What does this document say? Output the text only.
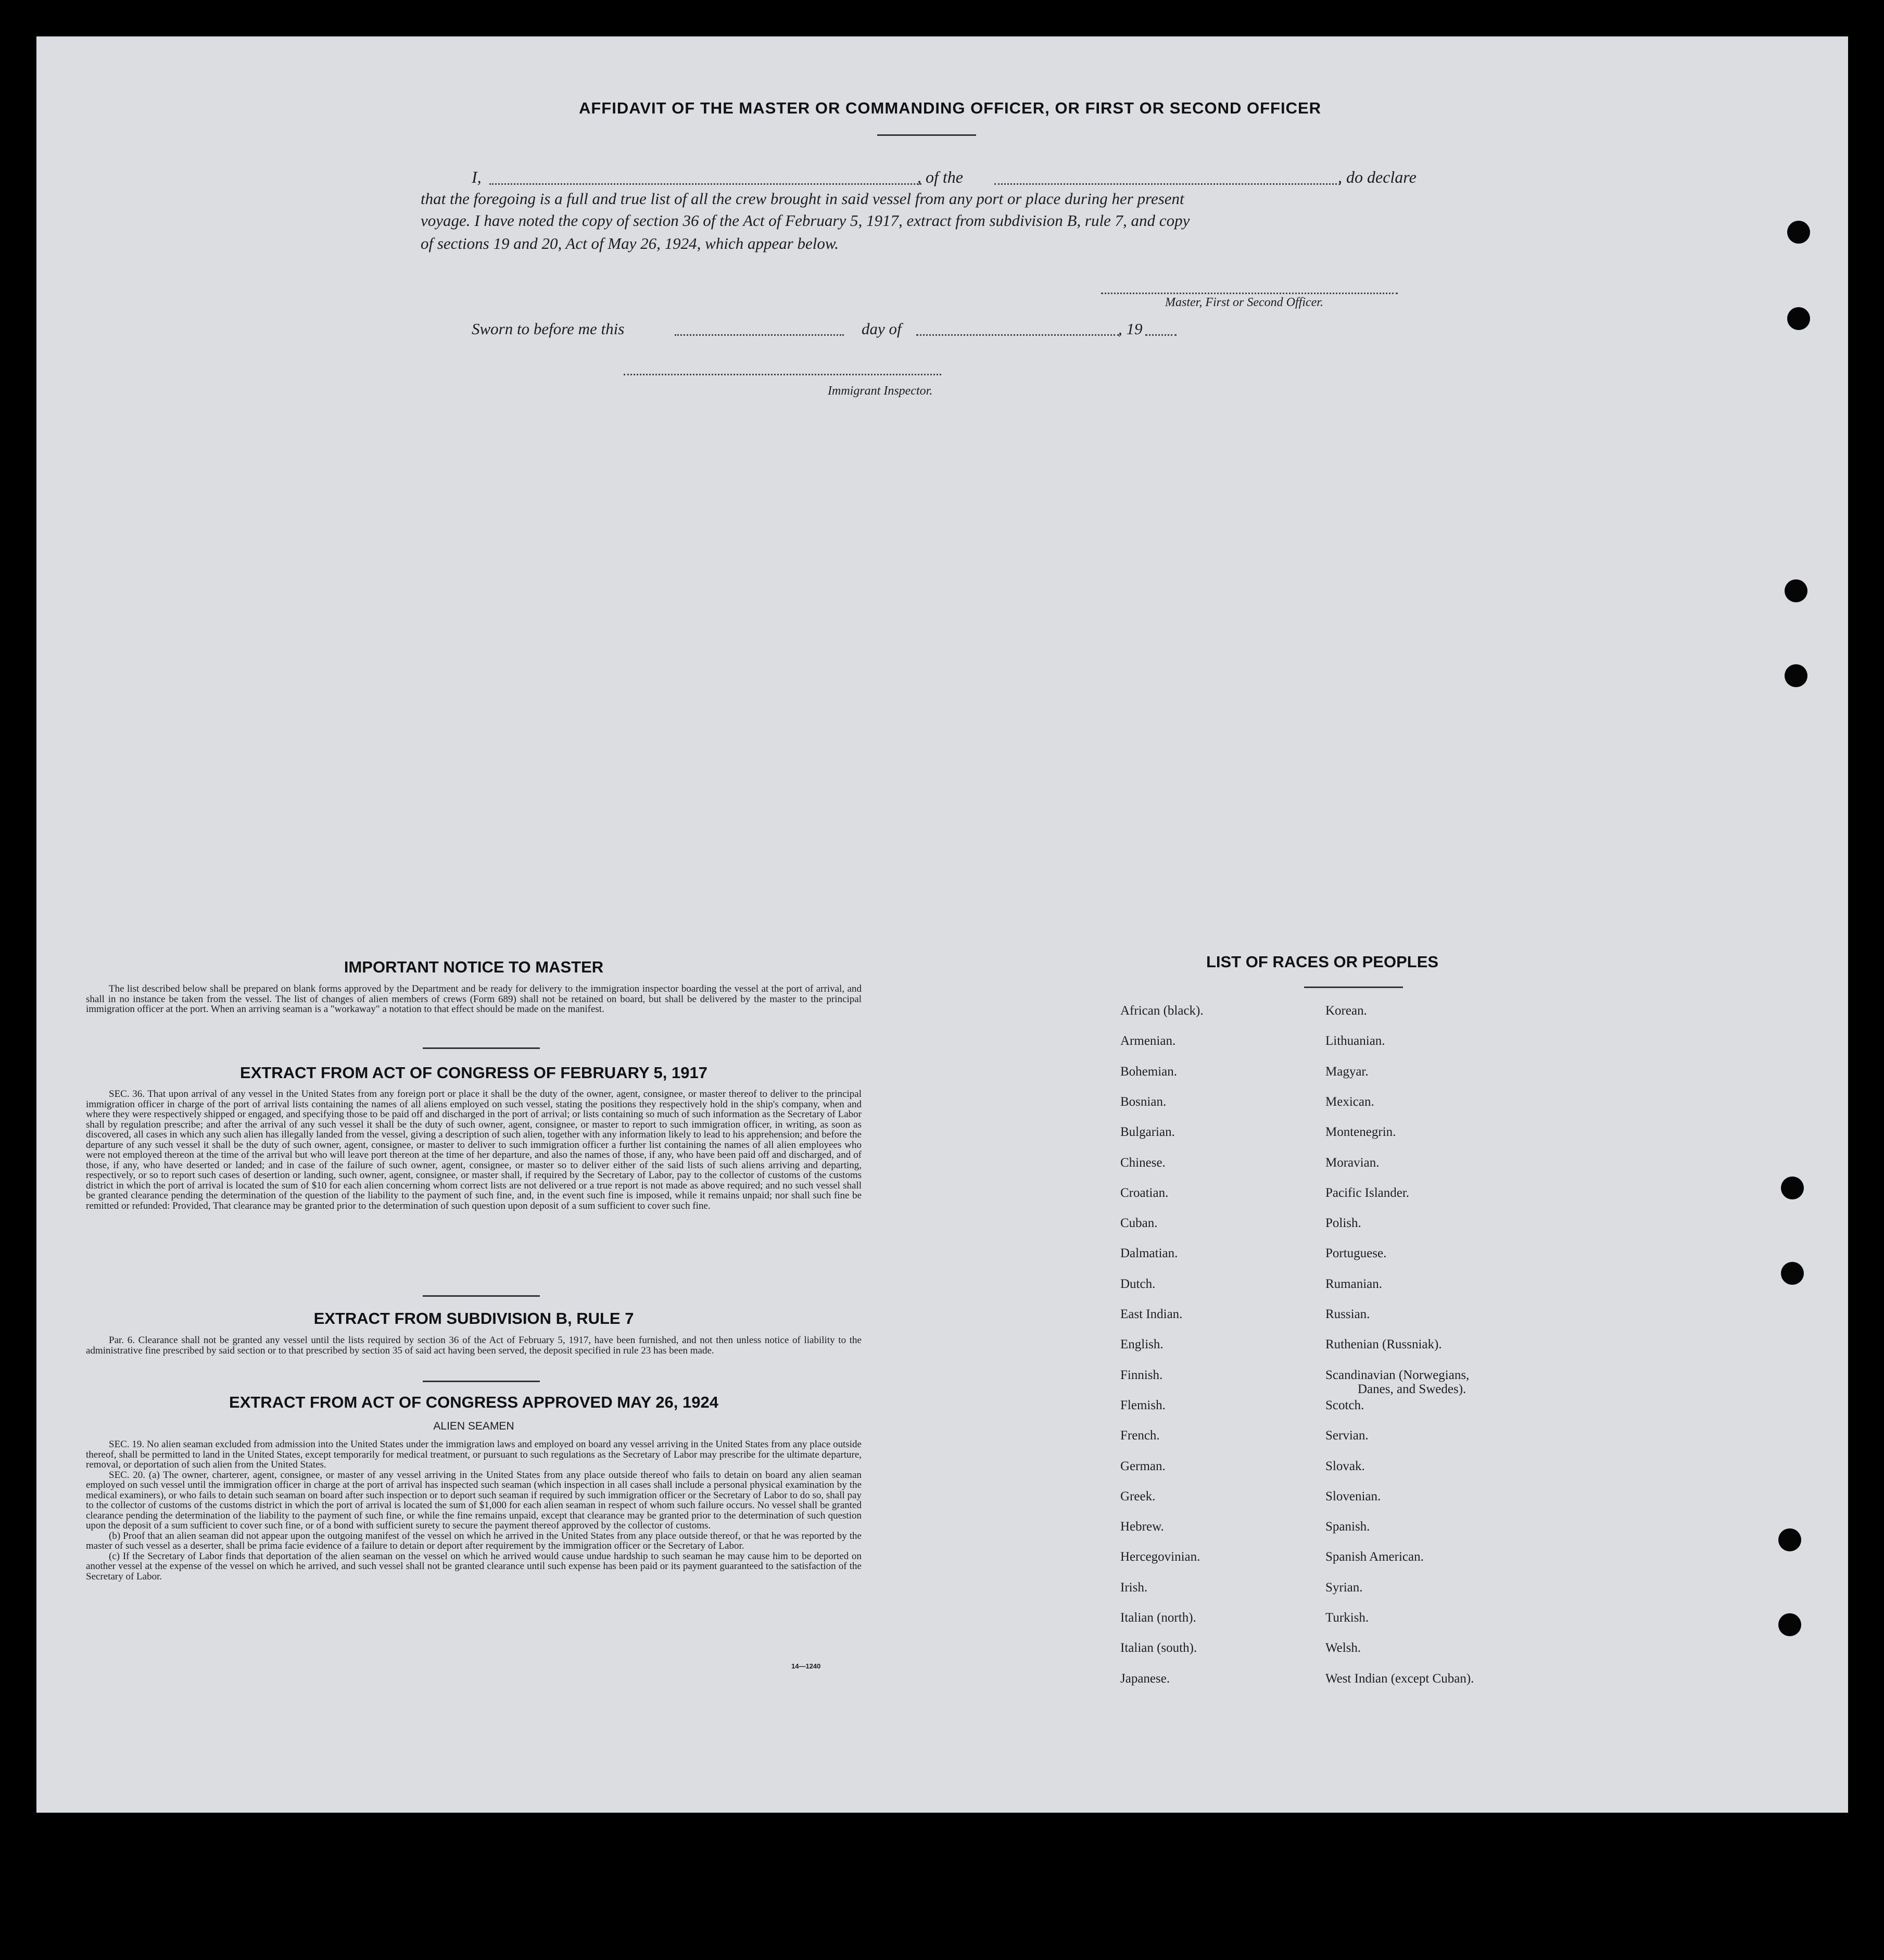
AFFIDAVIT OF THE MASTER OR COMMANDING OFFICER, OR FIRST OR SECOND OFFICER
I,	, of the	, do declare
that the foregoing is a full and true list of all the crew brought in said vessel from any port or place during her present
voyage. I have noted the copy of section 36 of the Act of February 5, 1917, extract from subdivision B, rule 7, and copy
of sections 19 and 20, Act of May 26, 1924, which appear below.
Master, First or Second Officer.
Sworn to before me this	day of	, 19
Immigrant Inspector.
IMPORTANT NOTICE TO MASTER

The list described below shall be prepared on blank forms approved by the Department and be ready for delivery to the immigration inspector boarding the vessel at the port of arrival, and shall in no instance be taken from the vessel. The list of changes of alien members of crews (Form 689) shall not be retained on board, but shall be delivered by the master to the principal immigration officer at the port. When an arriving seaman is a "workaway" a notation to that effect should be made on the manifest.

EXTRACT FROM ACT OF CONGRESS OF FEBRUARY 5, 1917

SEC. 36. That upon arrival of any vessel in the United States from any foreign port or place it shall be the duty of the owner, agent, consignee, or master thereof to deliver to the principal immigration officer in charge of the port of arrival lists containing the names of all aliens employed on such vessel, stating the positions they respectively hold in the ship's company, when and where they were respectively shipped or engaged, and specifying those to be paid off and discharged in the port of arrival; or lists containing so much of such information as the Secretary of Labor shall by regulation prescribe; and after the arrival of any such vessel it shall be the duty of such owner, agent, consignee, or master to report to such immigration officer, in writing, as soon as discovered, all cases in which any such alien has illegally landed from the vessel, giving a description of such alien, together with any information likely to lead to his apprehension; and before the departure of any such vessel it shall be the duty of such owner, agent, consignee, or master to deliver to such immigration officer a further list containing the names of all alien employees who were not employed thereon at the time of the arrival but who will leave port thereon at the time of her departure, and also the names of those, if any, who have been paid off and discharged, and of those, if any, who have deserted or landed; and in case of the failure of such owner, agent, consignee, or master so to deliver either of the said lists of such aliens arriving and departing, respectively, or so to report such cases of desertion or landing, such owner, agent, consignee, or master shall, if required by the Secretary of Labor, pay to the collector of customs of the customs district in which the port of arrival is located the sum of $10 for each alien concerning whom correct lists are not delivered or a true report is not made as above required; and no such vessel shall be granted clearance pending the determination of the question of the liability to the payment of such fine, and, in the event such fine is imposed, while it remains unpaid; nor shall such fine be remitted or refunded: Provided, That clearance may be granted prior to the determination of such question upon deposit of a sum sufficient to cover such fine.

EXTRACT FROM SUBDIVISION B, RULE 7

Par. 6. Clearance shall not be granted any vessel until the lists required by section 36 of the Act of February 5, 1917, have been furnished, and not then unless notice of liability to the administrative fine prescribed by said section or to that prescribed by section 35 of said act having been served, the deposit specified in rule 23 has been made.

EXTRACT FROM ACT OF CONGRESS APPROVED MAY 26, 1924
ALIEN SEAMEN

SEC. 19. No alien seaman excluded from admission into the United States under the immigration laws and employed on board any vessel arriving in the United States from any place outside thereof, shall be permitted to land in the United States, except temporarily for medical treatment, or pursuant to such regulations as the Secretary of Labor may prescribe for the ultimate departure, removal, or deportation of such alien from the United States.

SEC. 20. (a) The owner, charterer, agent, consignee, or master of any vessel arriving in the United States from any place outside thereof who fails to detain on board any alien seaman employed on such vessel until the immigration officer in charge at the port of arrival has inspected such seaman (which inspection in all cases shall include a personal physical examination by the medical examiners), or who fails to detain such seaman on board after such inspection or to deport such seaman if required by such immigration officer or the Secretary of Labor to do so, shall pay to the collector of customs of the customs district in which the port of arrival is located the sum of $1,000 for each alien seaman in respect of whom such failure occurs. No vessel shall be granted clearance pending the determination of the liability to the payment of such fine, or while the fine remains unpaid, except that clearance may be granted prior to the determination of such question upon the deposit of a sum sufficient to cover such fine, or of a bond with sufficient surety to secure the payment thereof approved by the collector of customs.

(b) Proof that an alien seaman did not appear upon the outgoing manifest of the vessel on which he arrived in the United States from any place outside thereof, or that he was reported by the master of such vessel as a deserter, shall be prima facie evidence of a failure to detain or deport after requirement by the immigration officer or the Secretary of Labor.

(c) If the Secretary of Labor finds that deportation of the alien seaman on the vessel on which he arrived would cause undue hardship to such seaman he may cause him to be deported on another vessel at the expense of the vessel on which he arrived, and such vessel shall not be granted clearance until such expense has been paid or its payment guaranteed to the satisfaction of the Secretary of Labor.

14—1240
LIST OF RACES OR PEOPLES
African (black).
Armenian.
Bohemian.
Bosnian.
Bulgarian.
Chinese.
Croatian.
Cuban.
Dalmatian.
Dutch.
East Indian.
English.
Finnish.
Flemish.
French.
German.
Greek.
Hebrew.
Hercegovinian.
Irish.
Italian (north).
Italian (south).
Japanese.
Korean.
Lithuanian.
Magyar.
Mexican.
Montenegrin.
Moravian.
Pacific Islander.
Polish.
Portuguese.
Rumanian.
Russian.
Ruthenian (Russniak).
Scandinavian (Norwegians,
Danes, and Swedes).
Scotch.
Servian.
Slovak.
Slovenian.
Spanish.
Spanish American.
Syrian.
Turkish.
Welsh.
West Indian (except Cuban).
